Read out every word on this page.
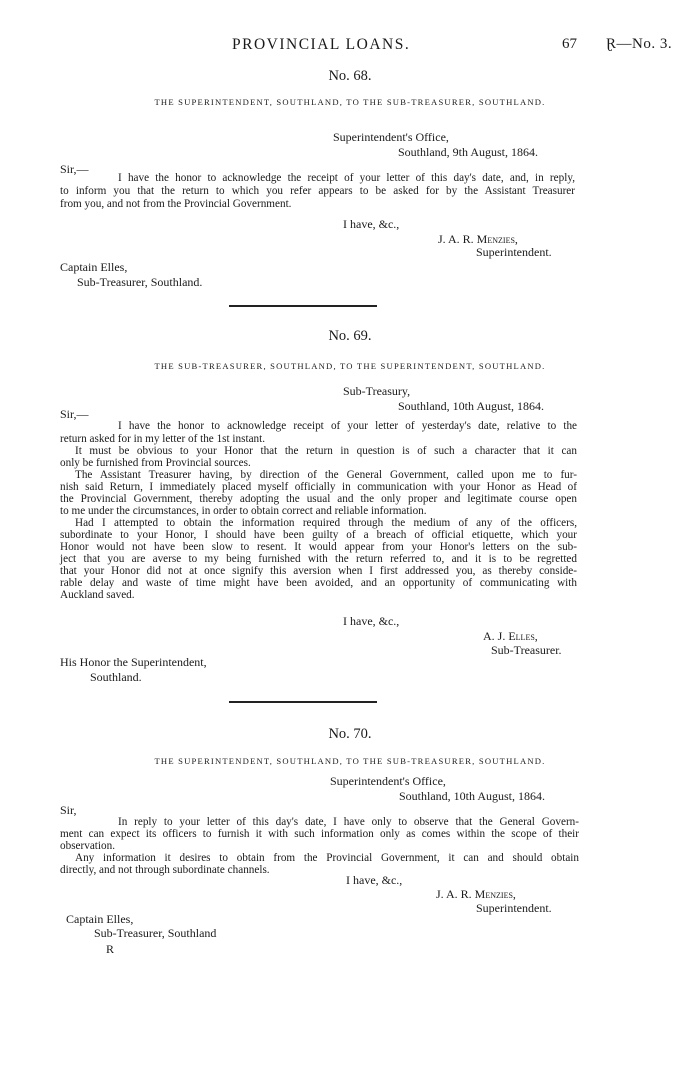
PROVINCIAL LOANS.	67 Ɽ—No. 3.
No. 68.
THE SUPERINTENDENT, SOUTHLAND, TO THE SUB-TREASURER, SOUTHLAND.
Superintendent's Office,
Southland, 9th August, 1864.
Sir,—
I have the honor to acknowledge the receipt of your letter of this day's date, and, in reply,
to inform you that the return to which you refer appears to be asked for by the Assistant Treasurer
from you, and not from the Provincial Government.
I have, &c.,
J. A. R. Menzies,
Superintendent.
Captain Elles,
Sub-Treasurer, Southland.
No. 69.
THE SUB-TREASURER, SOUTHLAND, TO THE SUPERINTENDENT, SOUTHLAND.
Sub-Treasury,
Southland, 10th August, 1864.
Sir,—
I have the honor to acknowledge receipt of your letter of yesterday's date, relative to the
return asked for in my letter of the 1st instant.
It must be obvious to your Honor that the return in question is of such a character that it can
only be furnished from Provincial sources.
The Assistant Treasurer having, by direction of the General Government, called upon me to fur-
nish said Return, I immediately placed myself officially in communication with your Honor as Head of
the Provincial Government, thereby adopting the usual and the only proper and legitimate course open
to me under the circumstances, in order to obtain correct and reliable information.
Had I attempted to obtain the information required through the medium of any of the officers,
subordinate to your Honor, I should have been guilty of a breach of official etiquette, which your
Honor would not have been slow to resent. It would appear from your Honor's letters on the sub-
ject that you are averse to my being furnished with the return referred to, and it is to be regretted
that your Honor did not at once signify this aversion when I first addressed you, as thereby conside-
rable delay and waste of time might have been avoided, and an opportunity of communicating with
Auckland saved.
I have, &c.,
A. J. Elles,
Sub-Treasurer.
His Honor the Superintendent,
Southland.
No. 70.
THE SUPERINTENDENT, SOUTHLAND, TO THE SUB-TREASURER, SOUTHLAND.
Superintendent's Office,
Southland, 10th August, 1864.
Sir,
In reply to your letter of this day's date, I have only to observe that the General Govern-
ment can expect its officers to furnish it with such information only as comes within the scope of their
observation.
Any information it desires to obtain from the Provincial Government, it can and should obtain
directly, and not through subordinate channels.
I have, &c.,
J. A. R. Menzies,
Superintendent.
Captain Elles,
Sub-Treasurer, Southland
R
